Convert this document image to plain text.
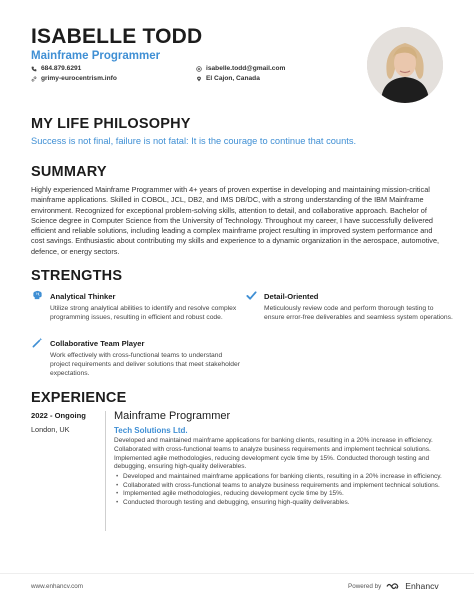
ISABELLE TODD
Mainframe Programmer
684.879.6291
grimy-eurocentrism.info
isabelle.todd@gmail.com
El Cajon, Canada
MY LIFE PHILOSOPHY
Success is not final, failure is not fatal: It is the courage to continue that counts.
SUMMARY
Highly experienced Mainframe Programmer with 4+ years of proven expertise in developing and maintaining mission-critical mainframe applications. Skilled in COBOL, JCL, DB2, and IMS DB/DC, with a strong understanding of the IBM Mainframe environment. Recognized for exceptional problem-solving skills, attention to detail, and collaborative approach. Bachelor of Science degree in Computer Science from the University of Technology. Throughout my career, I have successfully delivered efficient and reliable solutions, including leading a complex mainframe project resulting in improved system performance and cost savings. Enthusiastic about contributing my skills and experience to a dynamic organization in the aerospace, automotive, defence, or energy sectors.
STRENGTHS
Analytical Thinker
Utilize strong analytical abilities to identify and resolve complex programming issues, resulting in efficient and robust code.
Detail-Oriented
Meticulously review code and perform thorough testing to ensure error-free deliverables and seamless system operations.
Collaborative Team Player
Work effectively with cross-functional teams to understand project requirements and deliver solutions that meet stakeholder expectations.
EXPERIENCE
2022 - Ongoing
London, UK
Mainframe Programmer
Tech Solutions Ltd.
Developed and maintained mainframe applications for banking clients, resulting in a 20% increase in efficiency. Collaborated with cross-functional teams to analyze business requirements and implement technical solutions. Implemented agile methodologies, reducing development cycle time by 15%. Conducted thorough testing and debugging, ensuring high-quality deliverables.
• Developed and maintained mainframe applications for banking clients, resulting in a 20% increase in efficiency.
• Collaborated with cross-functional teams to analyze business requirements and implement technical solutions.
• Implemented agile methodologies, reducing development cycle time by 15%.
• Conducted thorough testing and debugging, ensuring high-quality deliverables.
www.enhancv.com	Powered by	Enhancv
